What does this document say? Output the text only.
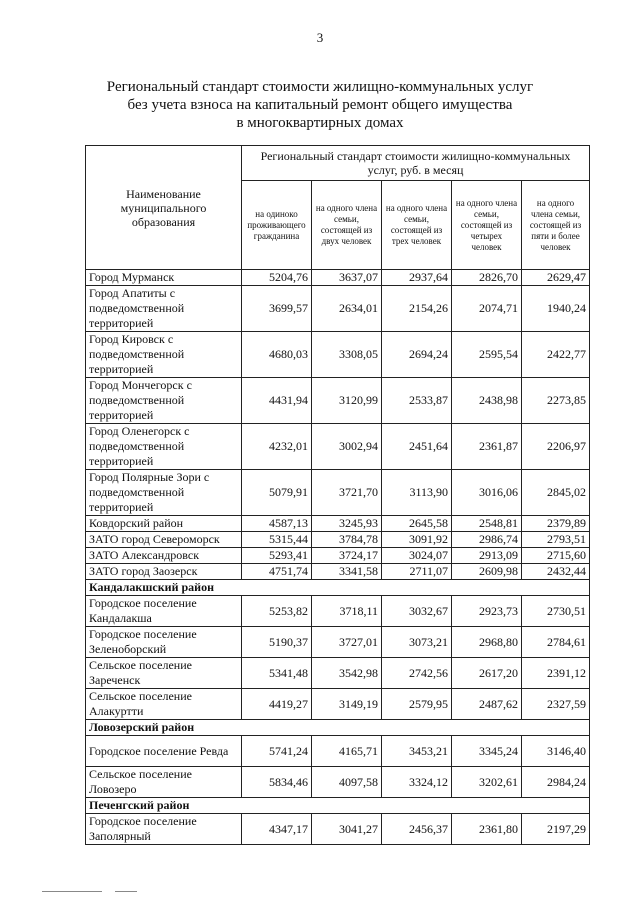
3
Региональный стандарт стоимости жилищно-коммунальных услуг
без учета взноса на капитальный ремонт общего имущества
в многоквартирных домах
Наименование муниципального образования	Региональный стандарт стоимости жилищно-коммунальных услуг, руб. в месяц				
	на одиноко проживающего гражданина	на одного члена семьи, состоящей из двух человек	на одного члена семьи, состоящей из трех человек	на одного члена семьи, состоящей из четырех человек	на одного члена семьи, состоящей из пяти и более человек
Город Мурманск	5204,76	3637,07	2937,64	2826,70	2629,47
Город Апатиты с подведомственной территорией	3699,57	2634,01	2154,26	2074,71	1940,24
Город Кировск с подведомственной территорией	4680,03	3308,05	2694,24	2595,54	2422,77
Город Мончегорск с подведомственной территорией	4431,94	3120,99	2533,87	2438,98	2273,85
Город Оленегорск с подведомственной территорией	4232,01	3002,94	2451,64	2361,87	2206,97
Город Полярные Зори с подведомственной территорией	5079,91	3721,70	3113,90	3016,06	2845,02
Ковдорский район	4587,13	3245,93	2645,58	2548,81	2379,89
ЗАТО город Североморск	5315,44	3784,78	3091,92	2986,74	2793,51
ЗАТО Александровск	5293,41	3724,17	3024,07	2913,09	2715,60
ЗАТО город Заозерск	4751,74	3341,58	2711,07	2609,98	2432,44
Кандалакшский район					
Городское поселение Кандалакша	5253,82	3718,11	3032,67	2923,73	2730,51
Городское поселение Зеленоборский	5190,37	3727,01	3073,21	2968,80	2784,61
Сельское поселение Зареченск	5341,48	3542,98	2742,56	2617,20	2391,12
Сельское поселение Алакуртти	4419,27	3149,19	2579,95	2487,62	2327,59
Ловозерский район					
Городское поселение Ревда	5741,24	4165,71	3453,21	3345,24	3146,40
Сельское поселение Ловозеро	5834,46	4097,58	3324,12	3202,61	2984,24
Печенгский район					
Городское поселение Заполярный	4347,17	3041,27	2456,37	2361,80	2197,29
